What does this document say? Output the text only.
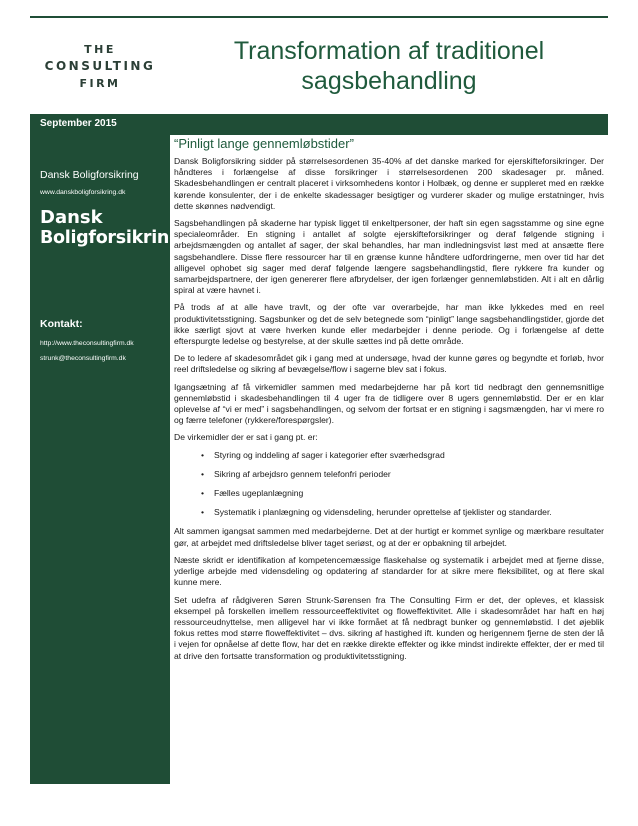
THE
CONSULTING
FIRM
Transformation af traditionel
sagsbehandling
September 2015
Dansk Boligforsikring
www.danskboligforsikring.dk
Dansk
Boligforsikring
Kontakt:
http://www.theconsultingfirm.dk
strunk@theconsultingfirm.dk
“Pinligt lange gennemløbstider”

Dansk Boligforsikring sidder på størrelsesordenen 35-40% af det danske marked for ejerskifteforsikringer. Der håndteres i forlængelse af disse forsikringer i størrelsesordenen 200 skadesager pr. måned. Skadesbehandlingen er centralt placeret i virksomhedens kontor i Holbæk, og denne er suppleret med en række kørende konsulenter, der i de enkelte skadessager besigtiger og vurderer skader og mulige erstatninger, hvis dette skønnes nødvendigt.

Sagsbehandlingen på skaderne har typisk ligget til enkeltpersoner, der haft sin egen sagsstamme og sine egne specialeområder. En stigning i antallet af solgte ejerskifteforsikringer og deraf følgende stigning i arbejdsmængden og antallet af sager, der skal behandles, har man indledningsvist løst med at ansætte flere sagsbehandlere. Disse flere ressourcer har til en grænse kunne håndtere udfordringerne, men over tid har det alligevel ophobet sig sager med deraf følgende længere sagsbehandlingstid, flere rykkere fra kunder og samarbejdspartnere, der igen genererer flere afbrydelser, der igen forlænger gennemløbstiden. Alt i alt en dårlig spiral at være havnet i.

På trods af at alle have travlt, og der ofte var overarbejde, har man ikke lykkedes med en reel produktivitetsstigning. Sagsbunker og det de selv betegnede som “pinligt” lange sagsbehandlingstider, gjorde det ikke særligt sjovt at være hverken kunde eller medarbejder i denne periode. Og i forlængelse af dette efterspurgte ledelse og bestyrelse, at der skulle sættes ind på dette område.

De to ledere af skadesområdet gik i gang med at undersøge, hvad der kunne gøres og begyndte et forløb, hvor reel driftsledelse og sikring af bevægelse/flow i sagerne blev sat i fokus.

Igangsætning af få virkemidler sammen med medarbejderne har på kort tid nedbragt den gennemsnitlige gennemløbstid i skadesbehandlingen til 4 uger fra de tidligere over 8 ugers gennemløbstid. Der er en klar oplevelse af “vi er med” i sagsbehandlingen, og selvom der fortsat er en stigning i sagsmængden, har vi mere ro og færre telefoner (rykkere/forespørgsler).

De virkemidler der er sat i gang pt. er:

• Styring og inddeling af sager i kategorier efter sværhedsgrad
• Sikring af arbejdsro gennem telefonfri perioder
• Fælles ugeplanlægning
• Systematik i planlægning og vidensdeling, herunder oprettelse af tjeklister og standarder.

Alt sammen igangsat sammen med medarbejderne. Det at der hurtigt er kommet synlige og mærkbare resultater gør, at arbejdet med driftsledelse bliver taget seriøst, og at der er opbakning til arbejdet.

Næste skridt er identifikation af kompetencemæssige flaskehalse og systematik i arbejdet med at fjerne disse, yderlige arbejde med vidensdeling og opdatering af standarder for at sikre mere fleksibilitet, og at flere skal kunne mere.

Set udefra af rådgiveren Søren Strunk-Sørensen fra The Consulting Firm er det, der opleves, et klassisk eksempel på forskellen imellem ressourceeffektivitet og floweffektivitet. Alle i skadesområdet har haft en høj ressourceudnyttelse, men alligevel har vi ikke formået at få nedbragt bunker og gennemløbstid. I det øjeblik fokus rettes mod større floweffektivitet – dvs. sikring af hastighed ift. kunden og herigennem fjerne de sten der lå i vejen for opnåelse af dette flow, har det en række direkte effekter og ikke mindst indirekte effekter, der er med til at drive den fortsatte transformation og produktivitetsstigning.
